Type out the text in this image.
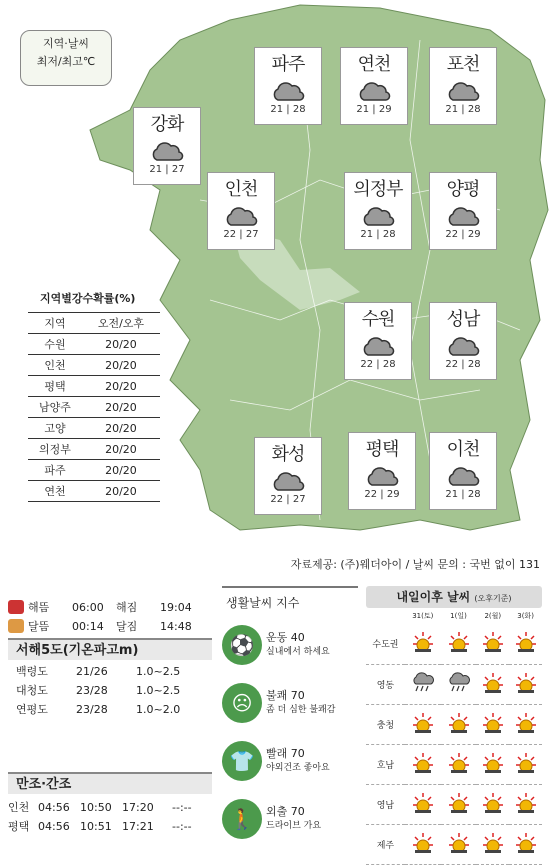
지역·날씨
최저/최고℃	파주
21 | 28
연천
21 | 29
포천
21 | 28
강화
21 | 27
인천
22 | 27
의정부
21 | 28
양평
22 | 29
수원
22 | 28
성남
22 | 28
화성
22 | 27
평택
22 | 29
이천
21 | 28
지역별강수확률(%)
지역	오전/오후
수원	20/20
인천	20/20
평택	20/20
남양주	20/20
고양	20/20
의정부	20/20
파주	20/20
연천	20/20
자료제공: (주)웨더아이 / 날씨 문의 : 국번 없이 131
해뜸	06:00	해짐	19:04
달뜸	00:14	달짐	14:48
서해5도(기온파고m)
백령도	21/26	1.0~2.5
대청도	23/28	1.0~2.5
연평도	23/28	1.0~2.0
만조·간조
인천 04:56 10:50 17:20	--:--
평택 04:56 10:51 17:21	--:--
생활날씨 지수
⚽	운동 40
실내에서 하세요
☹	불쾌 70
좀 더 심한 불쾌감
👕	빨래 70
야외건조 좋아요
🚶	외출 70
드라이브 가요
내일이후 날씨 (오후기준)
	31(토)	1(일)	2(월)	3(화)
수도권				
영동				
충청				
호남				
영남				
제주				
